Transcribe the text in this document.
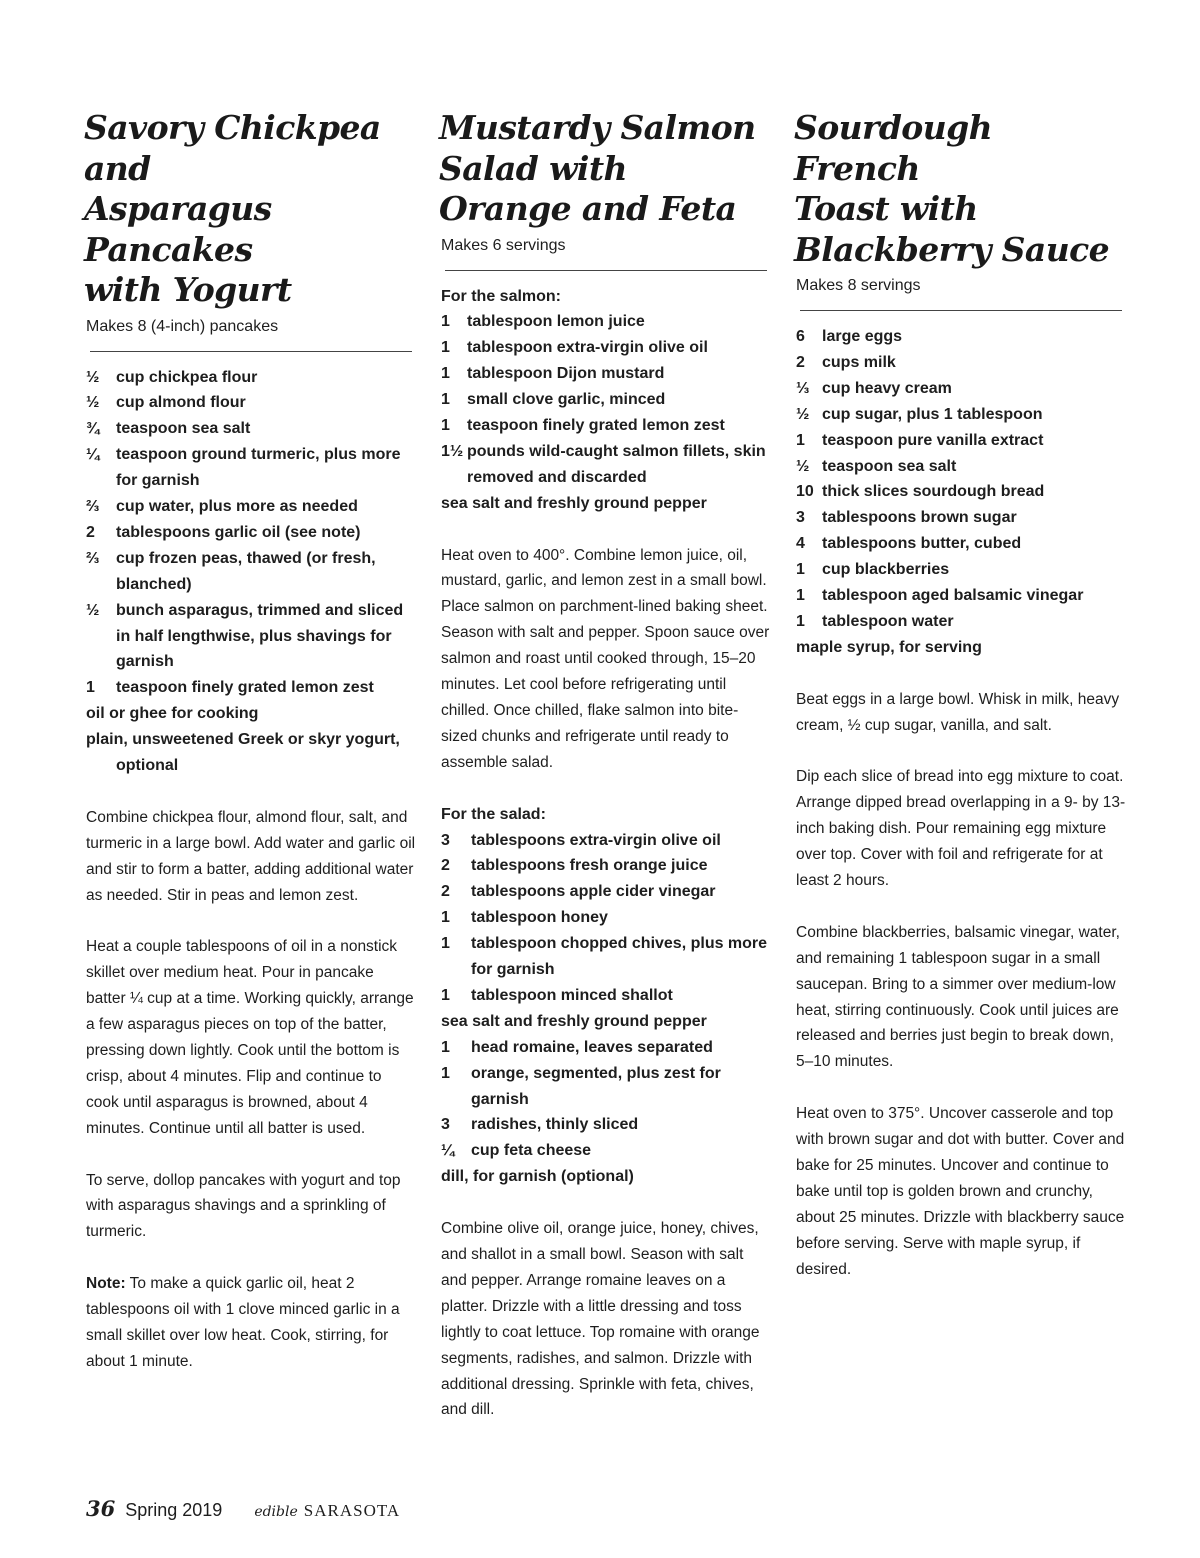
Savory Chickpea and
Asparagus Pancakes
with Yogurt

Makes 8 (4-inch) pancakes

½	cup chickpea flour
½	cup almond flour
¾	teaspoon sea salt
¼	teaspoon ground turmeric, plus more for garnish
⅔	cup water, plus more as needed
2	tablespoons garlic oil (see note)
⅔	cup frozen peas, thawed (or fresh, blanched)
½	bunch asparagus, trimmed and sliced in half lengthwise, plus shavings for garnish
1	teaspoon finely grated lemon zest
oil or ghee for cooking
plain, unsweetened Greek or skyr yogurt, optional

Combine chickpea flour, almond flour, salt, and turmeric in a large bowl. Add water and garlic oil and stir to form a batter, adding additional water as needed. Stir in peas and lemon zest.

Heat a couple tablespoons of oil in a nonstick skillet over medium heat. Pour in pancake batter ¼ cup at a time. Working quickly, arrange a few asparagus pieces on top of the batter, pressing down lightly. Cook until the bottom is crisp, about 4 minutes. Flip and continue to cook until asparagus is browned, about 4 minutes. Continue until all batter is used.

To serve, dollop pancakes with yogurt and top with asparagus shavings and a sprinkling of turmeric.

Note: To make a quick garlic oil, heat 2 tablespoons oil with 1 clove minced garlic in a small skillet over low heat. Cook, stirring, for about 1 minute.

Mustardy Salmon
Salad with
Orange and Feta

Makes 6 servings

For the salmon:
1	tablespoon lemon juice
1	tablespoon extra-virgin olive oil
1	tablespoon Dijon mustard
1	small clove garlic, minced
1	teaspoon finely grated lemon zest
1½ pounds wild-caught salmon fillets, skin removed and discarded
sea salt and freshly ground pepper

Heat oven to 400°. Combine lemon juice, oil, mustard, garlic, and lemon zest in a small bowl. Place salmon on parchment-lined baking sheet. Season with salt and pepper. Spoon sauce over salmon and roast until cooked through, 15–20 minutes. Let cool before refrigerating until chilled. Once chilled, flake salmon into bite-sized chunks and refrigerate until ready to assemble salad.

For the salad:
3	tablespoons extra-virgin olive oil
2	tablespoons fresh orange juice
2	tablespoons apple cider vinegar
1	tablespoon honey
1	tablespoon chopped chives, plus more for garnish
1	tablespoon minced shallot
sea salt and freshly ground pepper
1	head romaine, leaves separated
1	orange, segmented, plus zest for garnish
3	radishes, thinly sliced
¼	cup feta cheese
dill, for garnish (optional)

Combine olive oil, orange juice, honey, chives, and shallot in a small bowl. Season with salt and pepper. Arrange romaine leaves on a platter. Drizzle with a little dressing and toss lightly to coat lettuce. Top romaine with orange segments, radishes, and salmon. Drizzle with additional dressing. Sprinkle with feta, chives, and dill.

Sourdough French
Toast with
Blackberry Sauce

Makes 8 servings

6	large eggs
2	cups milk
⅓ cup heavy cream
½ cup sugar, plus 1 tablespoon
1	teaspoon pure vanilla extract
½ teaspoon sea salt
10 thick slices sourdough bread
3	tablespoons brown sugar
4	tablespoons butter, cubed
1	cup blackberries
1	tablespoon aged balsamic vinegar
1	tablespoon water
maple syrup, for serving

Beat eggs in a large bowl. Whisk in milk, heavy cream, ½ cup sugar, vanilla, and salt.

Dip each slice of bread into egg mixture to coat. Arrange dipped bread overlapping in a 9- by 13-inch baking dish. Pour remaining egg mixture over top. Cover with foil and refrigerate for at least 2 hours.

Combine blackberries, balsamic vinegar, water, and remaining 1 tablespoon sugar in a small saucepan. Bring to a simmer over medium-low heat, stirring continuously. Cook until juices are released and berries just begin to break down, 5–10 minutes.

Heat oven to 375°. Uncover casserole and top with brown sugar and dot with butter. Cover and bake for 25 minutes. Uncover and continue to bake until top is golden brown and crunchy, about 25 minutes. Drizzle with blackberry sauce before serving. Serve with maple syrup, if desired.

36 Spring 2019 edible SARASOTA
